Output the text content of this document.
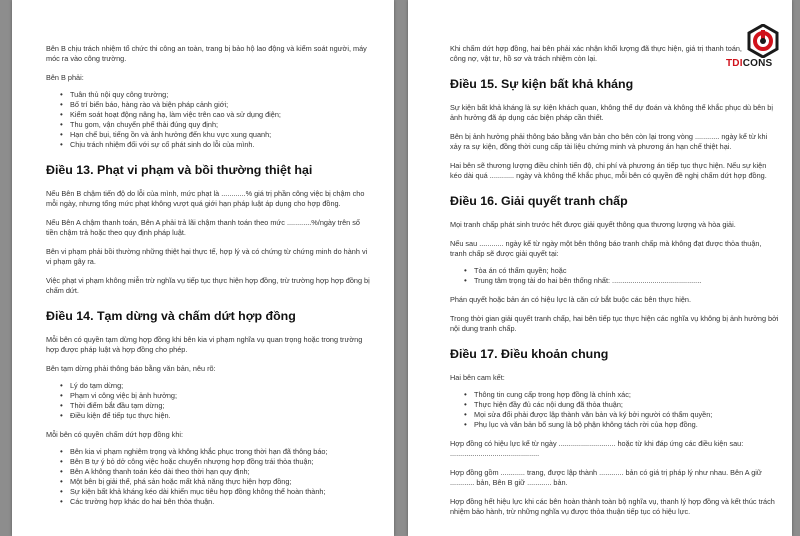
Bên B chịu trách nhiệm tổ chức thi công an toàn, trang bị bảo hộ lao động và kiểm soát người, máy móc ra vào công trường.

Bên B phải:

• Tuân thủ nội quy công trường;
• Bố trí biển báo, hàng rào và biện pháp cảnh giới;
• Kiểm soát hoạt động nâng hạ, làm việc trên cao và sử dụng điện;
• Thu gom, vận chuyển phế thải đúng quy định;
• Hạn chế bụi, tiếng ồn và ảnh hưởng đến khu vực xung quanh;
• Chịu trách nhiệm đối với sự cố phát sinh do lỗi của mình.
Điều 13. Phạt vi phạm và bồi thường thiệt hại

Nếu Bên B chậm tiến độ do lỗi của mình, mức phạt là ............% giá trị phần công việc bị chậm cho mỗi ngày, nhưng tổng mức phạt không vượt quá giới hạn pháp luật áp dụng cho hợp đồng.

Nếu Bên A chậm thanh toán, Bên A phải trả lãi chậm thanh toán theo mức ............%/ngày trên số tiền chậm trả hoặc theo quy định pháp luật.

Bên vi phạm phải bồi thường những thiệt hại thực tế, hợp lý và có chứng từ chứng minh do hành vi vi phạm gây ra.

Việc phạt vi phạm không miễn trừ nghĩa vụ tiếp tục thực hiện hợp đồng, trừ trường hợp hợp đồng bị chấm dứt.

Điều 14. Tạm dừng và chấm dứt hợp đồng

Mỗi bên có quyền tạm dừng hợp đồng khi bên kia vi phạm nghĩa vụ quan trọng hoặc trong trường hợp được pháp luật và hợp đồng cho phép.

Bên tạm dừng phải thông báo bằng văn bản, nêu rõ:

• Lý do tạm dừng;
• Phạm vi công việc bị ảnh hưởng;
• Thời điểm bắt đầu tạm dừng;
• Điều kiện để tiếp tục thực hiện.

Mỗi bên có quyền chấm dứt hợp đồng khi:

• Bên kia vi phạm nghiêm trọng và không khắc phục trong thời hạn đã thông báo;
• Bên B tự ý bỏ dở công việc hoặc chuyển nhượng hợp đồng trái thỏa thuận;
• Bên A không thanh toán kéo dài theo thời hạn quy định;
• Một bên bị giải thể, phá sản hoặc mất khả năng thực hiện hợp đồng;
• Sự kiện bất khả kháng kéo dài khiến mục tiêu hợp đồng không thể hoàn thành;
• Các trường hợp khác do hai bên thỏa thuận.

Khi chấm dứt hợp đồng, hai bên phải xác nhận khối lượng đã thực hiện, giá trị thanh toán, công nợ, vật tư, hồ sơ và trách nhiệm còn lại.

Điều 15. Sự kiện bất khả kháng

Sự kiện bất khả kháng là sự kiện khách quan, không thể dự đoán và không thể khắc phục dù bên bị ảnh hưởng đã áp dụng các biện pháp cần thiết.

Bên bị ảnh hưởng phải thông báo bằng văn bản cho bên còn lại trong vòng ............ ngày kể từ khi xảy ra sự kiện, đồng thời cung cấp tài liệu chứng minh và phương án hạn chế thiệt hại.

Hai bên sẽ thương lượng điều chỉnh tiến độ, chi phí và phương án tiếp tục thực hiện. Nếu sự kiện kéo dài quá ............ ngày và không thể khắc phục, mỗi bên có quyền đề nghị chấm dứt hợp đồng.

Điều 16. Giải quyết tranh chấp

Mọi tranh chấp phát sinh trước hết được giải quyết thông qua thương lượng và hòa giải.

Nếu sau ............ ngày kể từ ngày một bên thông báo tranh chấp mà không đạt được thỏa thuận, tranh chấp sẽ được giải quyết tại:

• Tòa án có thẩm quyền; hoặc
• Trung tâm trọng tài do hai bên thống nhất: ............................................

Phán quyết hoặc bản án có hiệu lực là căn cứ bắt buộc các bên thực hiện.

Trong thời gian giải quyết tranh chấp, hai bên tiếp tục thực hiện các nghĩa vụ không bị ảnh hưởng bởi nội dung tranh chấp.

Điều 17. Điều khoản chung

Hai bên cam kết:

• Thông tin cung cấp trong hợp đồng là chính xác;
• Thực hiện đầy đủ các nội dung đã thỏa thuận;
• Mọi sửa đổi phải được lập thành văn bản và ký bởi người có thẩm quyền;
• Phụ lục và văn bản bổ sung là bộ phận không tách rời của hợp đồng.

Hợp đồng có hiệu lực kể từ ngày ............................ hoặc từ khi đáp ứng các điều kiện sau: ............................................

Hợp đồng gồm ............ trang, được lập thành ............ bản có giá trị pháp lý như nhau. Bên A giữ ............ bản, Bên B giữ ............ bản.

Hợp đồng hết hiệu lực khi các bên hoàn thành toàn bộ nghĩa vụ, thanh lý hợp đồng và kết thúc trách nhiệm bảo hành, trừ những nghĩa vụ được thỏa thuận tiếp tục có hiệu lực.

TDICONS
